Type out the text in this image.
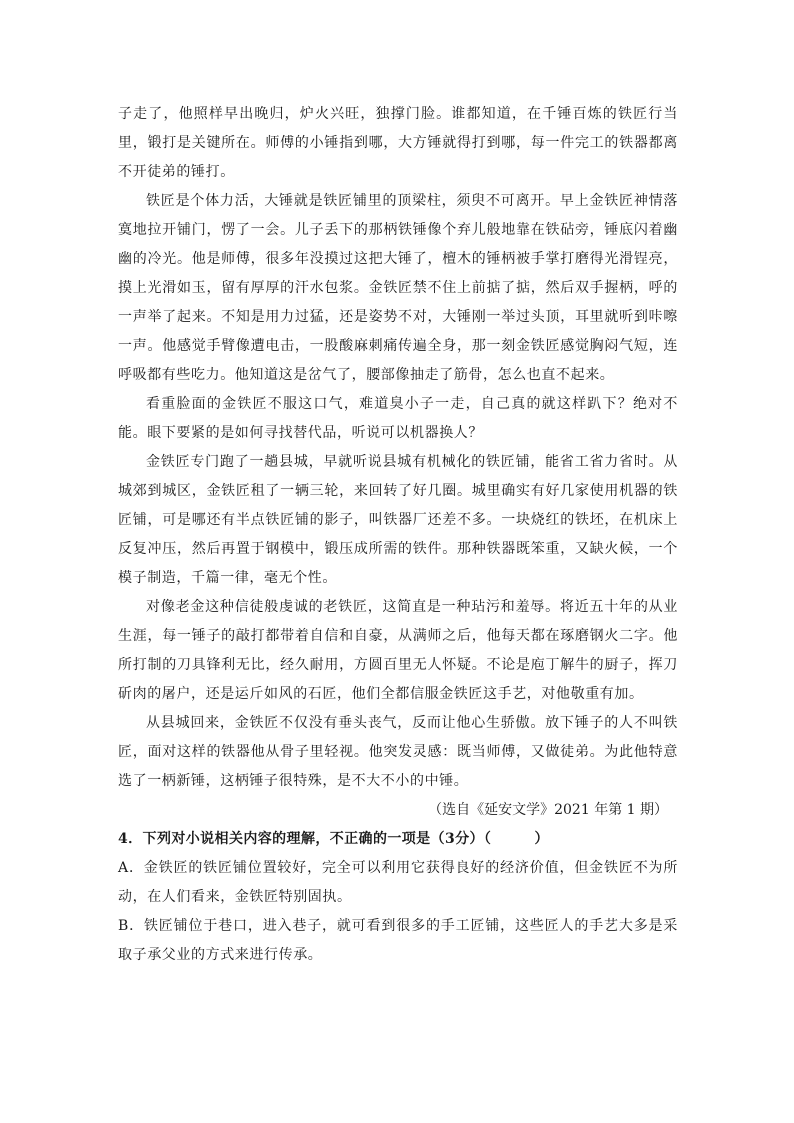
子走了，他照样早出晚归，炉火兴旺，独撑门脸。谁都知道，在千锤百炼的铁匠行当里，锻打是关键所在。师傅的小锤指到哪，大方锤就得打到哪，每一件完工的铁器都离不开徒弟的锤打。

铁匠是个体力活，大锤就是铁匠铺里的顶梁柱，须臾不可离开。早上金铁匠神情落寞地拉开铺门，愣了一会。儿子丢下的那柄铁锤像个弃儿般地靠在铁砧旁，锤底闪着幽幽的冷光。他是师傅，很多年没摸过这把大锤了，檀木的锤柄被手掌打磨得光滑锃亮，摸上光滑如玉，留有厚厚的汗水包浆。金铁匠禁不住上前掂了掂，然后双手握柄，呼的一声举了起来。不知是用力过猛，还是姿势不对，大锤刚一举过头顶，耳里就听到咔嚓一声。他感觉手臂像遭电击，一股酸麻刺痛传遍全身，那一刻金铁匠感觉胸闷气短，连呼吸都有些吃力。他知道这是岔气了，腰部像抽走了筋骨，怎么也直不起来。

看重脸面的金铁匠不服这口气，难道臭小子一走，自己真的就这样趴下？绝对不能。眼下要紧的是如何寻找替代品，听说可以机器换人？

金铁匠专门跑了一趟县城，早就听说县城有机械化的铁匠铺，能省工省力省时。从城郊到城区，金铁匠租了一辆三轮，来回转了好几圈。城里确实有好几家使用机器的铁匠铺，可是哪还有半点铁匠铺的影子，叫铁器厂还差不多。一块烧红的铁坯，在机床上反复冲压，然后再置于钢模中，锻压成所需的铁件。那种铁器既笨重，又缺火候，一个模子制造，千篇一律，毫无个性。

对像老金这种信徒般虔诚的老铁匠，这简直是一种玷污和羞辱。将近五十年的从业生涯，每一锤子的敲打都带着自信和自豪，从满师之后，他每天都在琢磨钢火二字。他所打制的刀具锋利无比，经久耐用，方圆百里无人怀疑。不论是庖丁解牛的厨子，挥刀斫肉的屠户，还是运斤如风的石匠，他们全都信服金铁匠这手艺，对他敬重有加。

从县城回来，金铁匠不仅没有垂头丧气，反而让他心生骄傲。放下锤子的人不叫铁匠，面对这样的铁器他从骨子里轻视。他突发灵感：既当师傅，又做徒弟。为此他特意选了一柄新锤，这柄锤子很特殊，是不大不小的中锤。

（选自《延安文学》2021 年第 1 期）

4．下列对小说相关内容的理解，不正确的一项是（3分）（　　　）

A．金铁匠的铁匠铺位置较好，完全可以利用它获得良好的经济价值，但金铁匠不为所动，在人们看来，金铁匠特别固执。

B．铁匠铺位于巷口，进入巷子，就可看到很多的手工匠铺，这些匠人的手艺大多是采取子承父业的方式来进行传承。
